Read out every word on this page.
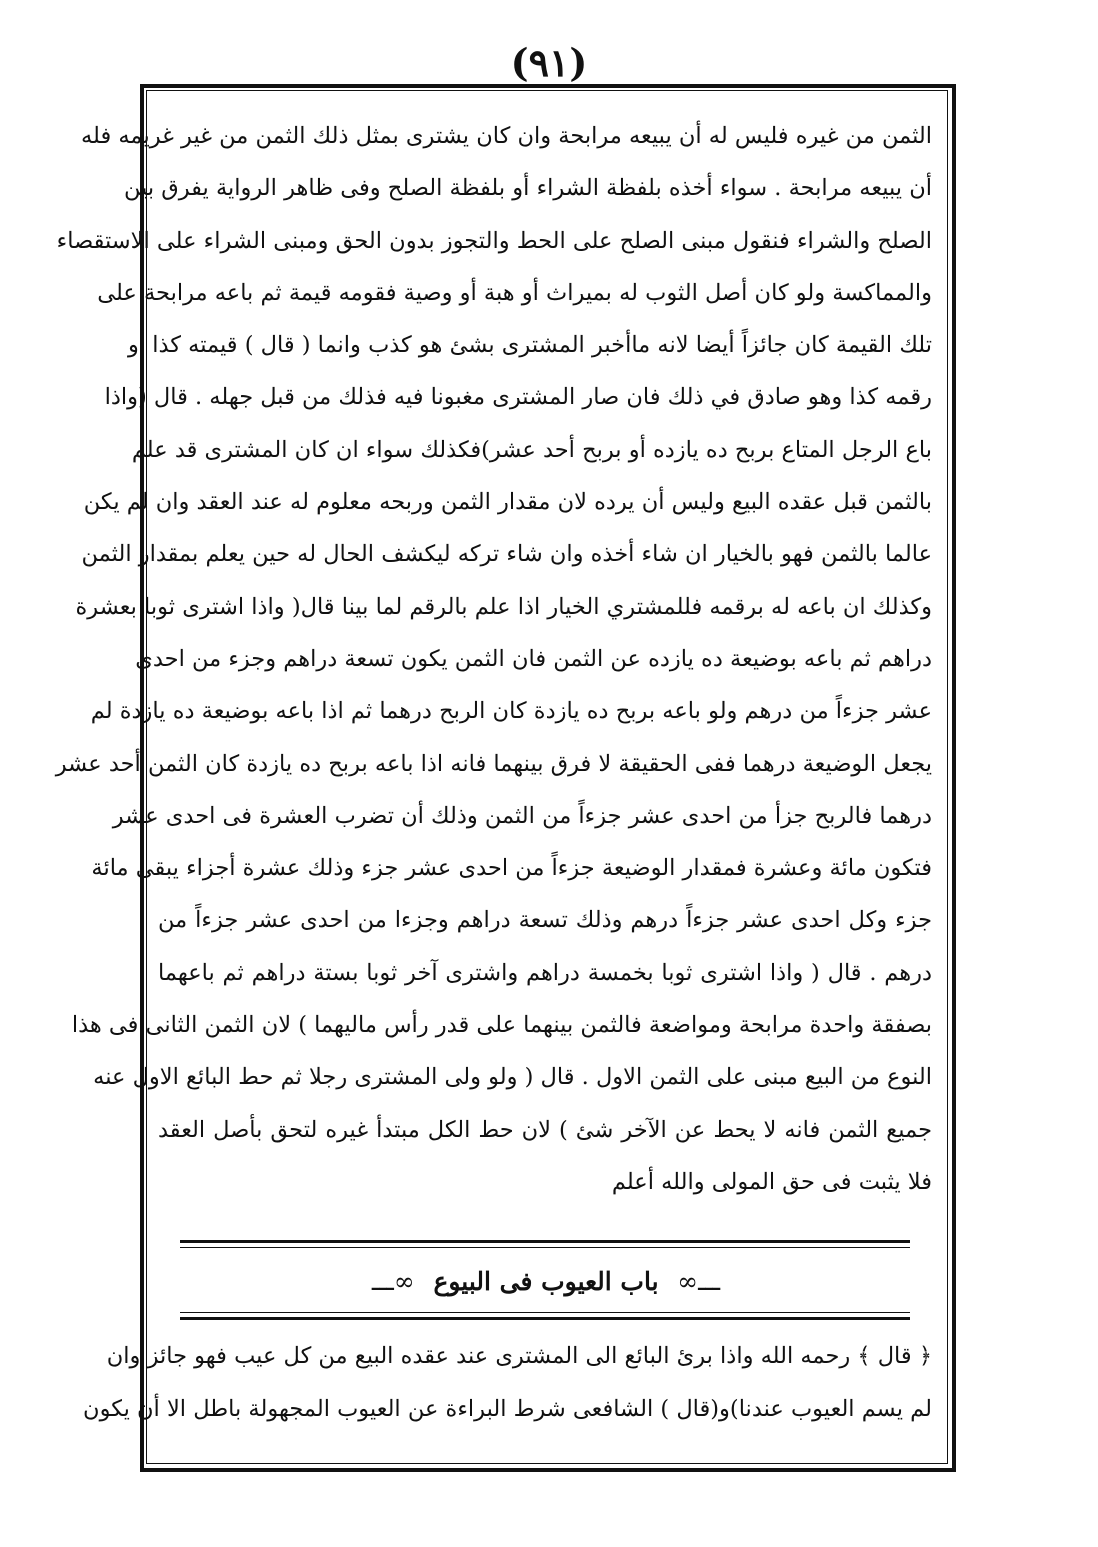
(٩١)
الثمن من غيره فليس له أن يبيعه مرابحة وان كان يشترى بمثل ذلك الثمن من غير غريمه فله
أن يبيعه مرابحة . سواء أخذه بلفظة الشراء أو بلفظة الصلح وفى ظاهر الرواية يفرق بين
الصلح والشراء فنقول مبنى الصلح على الحط والتجوز بدون الحق ومبنى الشراء على الاستقصاء
والمماكسة ولو كان أصل الثوب له بميراث أو هبة أو وصية فقومه قيمة ثم باعه مرابحة على
تلك القيمة كان جائزاً أيضا لانه ماأخبر المشترى بشئ هو كذب وانما ( قال ) قيمته كذا أو
رقمه كذا وهو صادق في ذلك فان صار المشترى مغبونا فيه فذلك من قبل جهله . قال (واذا
باع الرجل المتاع بربح ده يازده أو بربح أحد عشر)فكذلك سواء ان كان المشترى قد علم
بالثمن قبل عقده البيع وليس أن يرده لان مقدار الثمن وربحه معلوم له عند العقد وان لم يكن
عالما بالثمن فهو بالخيار ان شاء أخذه وان شاء تركه ليكشف الحال له حين يعلم بمقدار الثمن
وكذلك ان باعه له برقمه فللمشتري الخيار اذا علم بالرقم لما بينا قال( واذا اشترى ثوبا بعشرة
دراهم ثم باعه بوضيعة ده يازده عن الثمن فان الثمن يكون تسعة دراهم وجزء من احدى
عشر جزءاً من درهم ولو باعه بربح ده يازدة كان الربح درهما ثم اذا باعه بوضيعة ده يازدة لم
يجعل الوضيعة درهما ففى الحقيقة لا فرق بينهما فانه اذا باعه بربح ده يازدة كان الثمن أحد عشر
درهما فالربح جزأ من احدى عشر جزءاً من الثمن وذلك أن تضرب العشرة فى احدى عشر
فتكون مائة وعشرة فمقدار الوضيعة جزءاً من احدى عشر جزء وذلك عشرة أجزاء يبقى مائة
جزء وكل احدى عشر جزءاً درهم وذلك تسعة دراهم وجزءا من احدى عشر جزءاً من
درهم . قال ( واذا اشترى ثوبا بخمسة دراهم واشترى آخر ثوبا بستة دراهم ثم باعهما
بصفقة واحدة مرابحة ومواضعة فالثمن بينهما على قدر رأس ماليهما ) لان الثمن الثانى فى هذا
النوع من البيع مبنى على الثمن الاول . قال ( ولو ولى المشترى رجلا ثم حط البائع الاول عنه
جميع الثمن فانه لا يحط عن الآخر شئ ) لان حط الكل مبتدأ غيره لتحق بأصل العقد
فلا يثبت فى حق المولى والله أعلم
ـــ∞ باب العيوب فى البيوع ∞ـــ
﴿ قال ﴾ رحمه الله واذا برئ البائع الى المشترى عند عقده البيع من كل عيب فهو جائز وان
لم يسم العيوب عندنا)و(قال ) الشافعى شرط البراءة عن العيوب المجهولة باطل الا أن يكون
